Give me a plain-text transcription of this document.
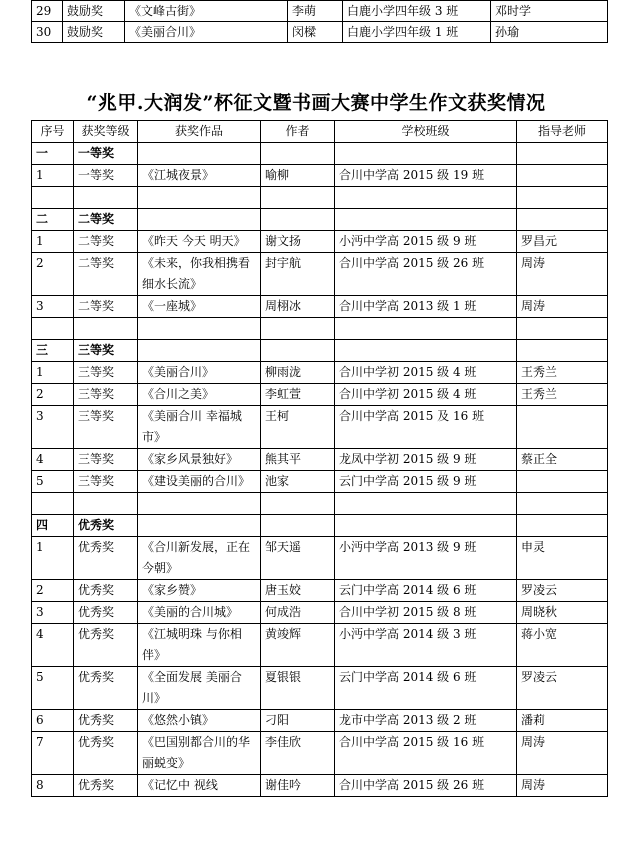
29	鼓励奖	《文峰古街》	李萌	白鹿小学四年级 3 班	邓时学
30	鼓励奖	《美丽合川》	闵樑	白鹿小学四年级 1 班	孙瑜
“兆甲.大润发”杯征文暨书画大赛中学生作文获奖情况
序号	获奖等级	获奖作品	作者	学校班级	指导老师
一	一等奖				
1	一等奖	《江城夜景》	喻柳	合川中学高 2015 级 19 班	

二	二等奖				
1	二等奖	《昨天 今天 明天》	谢文扬	小沔中学高 2015 级 9 班	罗昌元
2	二等奖	《未来，你我相携看细水长流》	封宇航	合川中学高 2015 级 26 班	周涛
3	二等奖	《一座城》	周栩冰	合川中学高 2013 级 1 班	周涛

三	三等奖				
1	三等奖	《美丽合川》	柳雨泷	合川中学初 2015 级 4 班	王秀兰
2	三等奖	《合川之美》	李虹萱	合川中学初 2015 级 4 班	王秀兰
3	三等奖	《美丽合川 幸福城市》	王柯	合川中学高 2015 及 16 班	
4	三等奖	《家乡风景独好》	熊其平	龙凤中学初 2015 级 9 班	蔡正全
5	三等奖	《建设美丽的合川》	池家	云门中学高 2015 级 9 班	

四	优秀奖				
1	优秀奖	《合川新发展，正在今朝》	邹天遥	小沔中学高 2013 级 9 班	申灵
2	优秀奖	《家乡赞》	唐玉姣	云门中学高 2014 级 6 班	罗凌云
3	优秀奖	《美丽的合川城》	何成浩	合川中学初 2015 级 8 班	周晓秋
4	优秀奖	《江城明珠 与你相伴》	黄竣辉	小沔中学高 2014 级 3 班	蒋小宽
5	优秀奖	《全面发展 美丽合川》	夏银银	云门中学高 2014 级 6 班	罗凌云
6	优秀奖	《悠然小镇》	刁阳	龙市中学高 2013 级 2 班	潘莉
7	优秀奖	《巴国别都合川的华丽蜕变》	李佳欣	合川中学高 2015 级 16 班	周涛
8	优秀奖	《记忆中 视线	谢佳吟	合川中学高 2015 级 26 班	周涛
